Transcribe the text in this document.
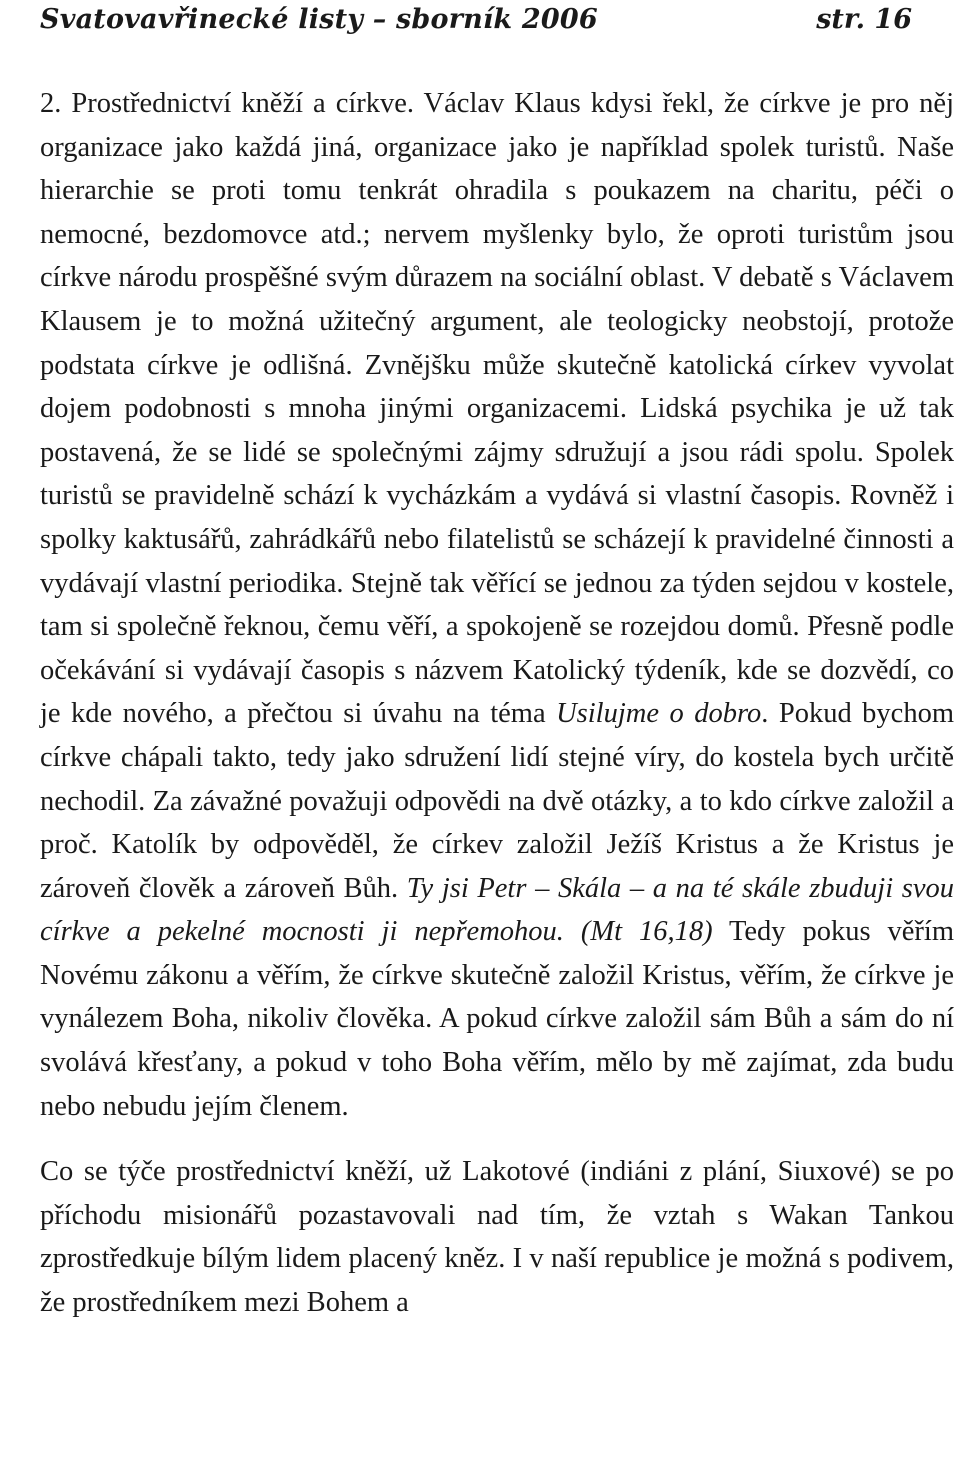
Svatovavřinecké listy – sborník 2006	str. 16

2. Prostřednictví kněží a církve. Václav Klaus kdysi řekl, že církve je pro něj organizace jako každá jiná, organizace jako je například spolek turistů. Naše hierarchie se proti tomu tenkrát ohradila s poukazem na charitu, péči o nemocné, bezdomovce atd.; nervem myšlenky bylo, že oproti turistům jsou církve národu prospěšné svým důrazem na sociální oblast. V debatě s Václavem Klausem je to možná užitečný argument, ale teologicky neobstojí, protože podstata církve je odlišná. Zvnějšku může skutečně katolická církev vyvolat dojem podobnosti s mnoha jinými organizacemi. Lidská psychika je už tak postavená, že se lidé se společnými zájmy sdružují a jsou rádi spolu. Spolek turistů se pravidelně schází k vycházkám a vydává si vlastní časopis. Rovněž i spolky kaktusářů, zahrádkářů nebo filatelistů se scházejí k pravidelné činnosti a vydávají vlastní periodika. Stejně tak věřící se jednou za týden sejdou v kostele, tam si společně řeknou, čemu věří, a spokojeně se rozejdou domů. Přesně podle očekávání si vydávají časopis s názvem Katolický týdeník, kde se dozvědí, co je kde nového, a přečtou si úvahu na téma Usilujme o dobro. Pokud bychom církve chápali takto, tedy jako sdružení lidí stejné víry, do kostela bych určitě nechodil. Za závažné považuji odpovědi na dvě otázky, a to kdo církve založil a proč. Katolík by odpověděl, že církev založil Ježíš Kristus a že Kristus je zároveň člověk a zároveň Bůh. Ty jsi Petr – Skála – a na té skále zbuduji svou církve a pekelné mocnosti ji nepřemohou. (Mt 16,18) Tedy pokus věřím Novému zákonu a věřím, že církve skutečně založil Kristus, věřím, že církve je vynálezem Boha, nikoliv člověka. A pokud církve založil sám Bůh a sám do ní svolává křesťany, a pokud v toho Boha věřím, mělo by mě zajímat, zda budu nebo nebudu jejím členem.

Co se týče prostřednictví kněží, už Lakotové (indiáni z plání, Siuxové) se po příchodu misionářů pozastavovali nad tím, že vztah s Wakan Tankou zprostředkuje bílým lidem placený kněz. I v naší republice je možná s podivem, že prostředníkem mezi Bohem a
